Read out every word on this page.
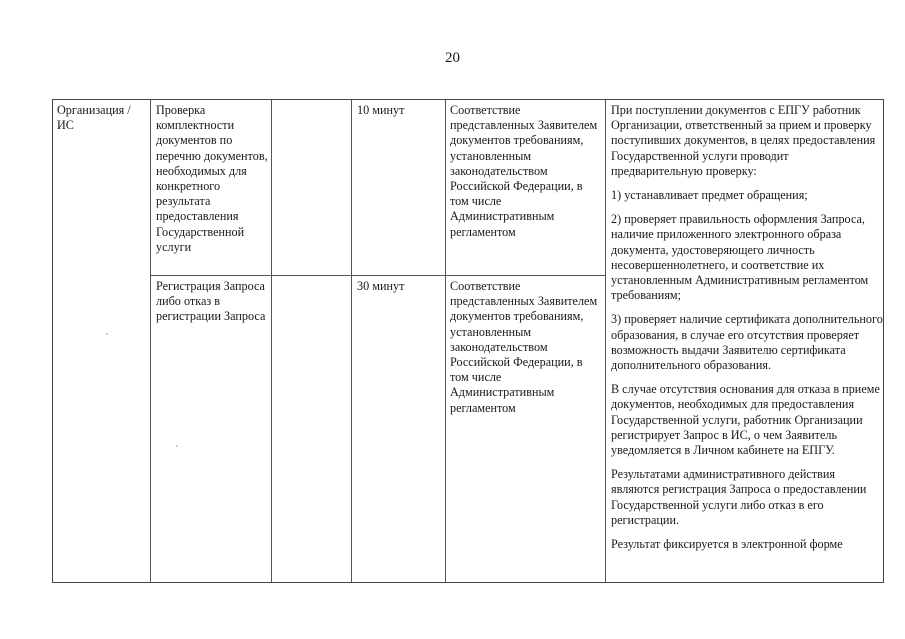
20
Организация / ИС
Проверка комплектности документов по перечню документов, необходимых для конкретного результата предоставления Государственной услуги
10 минут	Соответствие представленных Заявителем документов требованиям, установленным законодательством Российской Федерации, в том числе Административным регламентом
Регистрация Запроса либо отказ в регистрации Запроса
30 минут	Соответствие представленных Заявителем документов требованиям, установленным законодательством Российской Федерации, в том числе Административным регламентом

При поступлении документов с ЕПГУ работник Организации, ответственный за прием и проверку поступивших документов, в целях предоставления Государственной услуги проводит предварительную проверку:

1) устанавливает предмет обращения;

2) проверяет правильность оформления Запроса, наличие приложенного электронного образа документа, удостоверяющего личность несовершеннолетнего, и соответствие их установленным Административным регламентом требованиям;

3) проверяет наличие сертификата дополнительного образования, в случае его отсутствия проверяет возможность выдачи Заявителю сертификата дополнительного образования.

В случае отсутствия основания для отказа в приеме документов, необходимых для предоставления Государственной услуги, работник Организации регистрирует Запрос в ИС, о чем Заявитель уведомляется в Личном кабинете на ЕПГУ.

Результатами административного действия являются регистрация Запроса о предоставлении Государственной услуги либо отказ в его регистрации.

Результат фиксируется в электронной форме
